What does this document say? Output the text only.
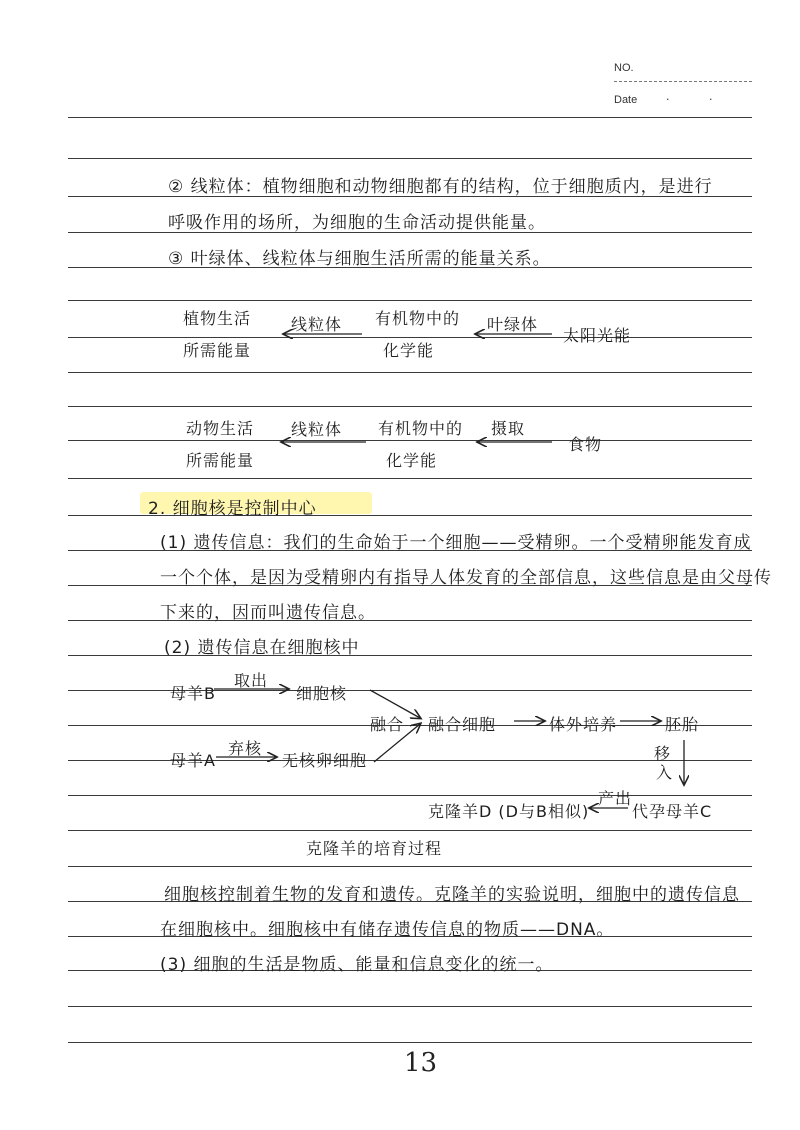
NO.
Date	· ·
② 线粒体：植物细胞和动物细胞都有的结构，位于细胞质内，是进行
呼吸作用的场所，为细胞的生命活动提供能量。
③ 叶绿体、线粒体与细胞生活所需的能量关系。
植物生活
所需能量
线粒体 有机物中的
化学能
叶绿体
太阳光能
动物生活
所需能量
线粒体 有机物中的
化学能
摄取
食物
2. 细胞核是控制中心
(1) 遗传信息：我们的生命始于一个细胞——受精卵。一个受精卵能发育成
一个个体，是因为受精卵内有指导人体发育的全部信息，这些信息是由父母传
下来的，因而叫遗传信息。
(2) 遗传信息在细胞核中
母羊B
取出
细胞核
融合 融合细胞	体外培养	胚胎
移
入
母羊A
弃核
无核卵细胞
克隆羊D (D与B相似)
产出
代孕母羊C
克隆羊的培育过程
细胞核控制着生物的发育和遗传。克隆羊的实验说明，细胞中的遗传信息
在细胞核中。细胞核中有储存遗传信息的物质——DNA。
(3) 细胞的生活是物质、能量和信息变化的统一。
13
